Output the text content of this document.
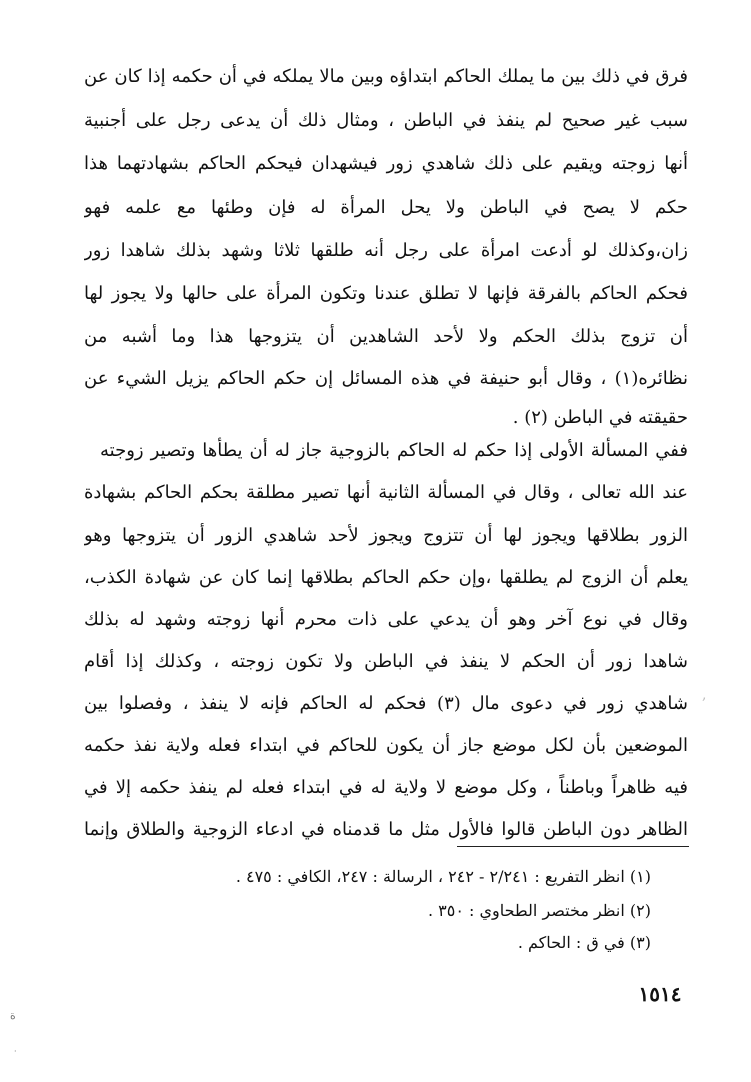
فرق في ذلك بين ما يملك الحاكم ابتداؤه وبين مالا يملكه في أن حكمه إذا كان عن
سبب غير صحيح لم ينفذ في الباطن ، ومثال ذلك أن يدعى رجل على أجنبية
أنها زوجته ويقيم على ذلك شاهدي زور فيشهدان فيحكم الحاكم بشهادتهما هذا
حكم لا يصح في الباطن ولا يحل المرأة له فإن وطئها مع علمه فهو
زان،وكذلك لو أدعت امرأة على رجل أنه طلقها ثلاثا وشهد بذلك شاهدا زور
فحكم الحاكم بالفرقة فإنها لا تطلق عندنا وتكون المرأة على حالها ولا يجوز لها
أن تزوج بذلك الحكم ولا لأحد الشاهدين أن يتزوجها هذا وما أشبه من
نظائره(١) ، وقال أبو حنيفة في هذه المسائل إن حكم الحاكم يزيل الشيء عن
حقيقته في الباطن (٢) .
ففي المسألة الأولى إذا حكم له الحاكم بالزوجية جاز له أن يطأها وتصير زوجته
عند الله تعالى ، وقال في المسألة الثانية أنها تصير مطلقة بحكم الحاكم بشهادة
الزور بطلاقها ويجوز لها أن تتزوج ويجوز لأحد شاهدي الزور أن يتزوجها وهو
يعلم أن الزوج لم يطلقها ،وإن حكم الحاكم بطلاقها إنما كان عن شهادة الكذب،
وقال في نوع آخر وهو أن يدعي على ذات محرم أنها زوجته وشهد له بذلك
شاهدا زور أن الحكم لا ينفذ في الباطن ولا تكون زوجته ، وكذلك إذا أقام
شاهدي زور في دعوى مال (٣) فحكم له الحاكم فإنه لا ينفذ ، وفصلوا بين
الموضعين بأن لكل موضع جاز أن يكون للحاكم في ابتداء فعله ولاية نفذ حكمه
فيه ظاهراً وباطناً ، وكل موضع لا ولاية له في ابتداء فعله لم ينفذ حكمه إلا في
الظاهر دون الباطن قالوا فالأول مثل ما قدمناه في ادعاء الزوجية والطلاق وإنما
(١) انظر التفريع : ٢/٢٤١ - ٢٤٢ ، الرسالة : ٢٤٧، الكافي : ٤٧٥ .
(٢) انظر مختصر الطحاوي : ٣٥٠ .
(٣) في ق : الحاكم .
١٥١٤
ة
·
,
